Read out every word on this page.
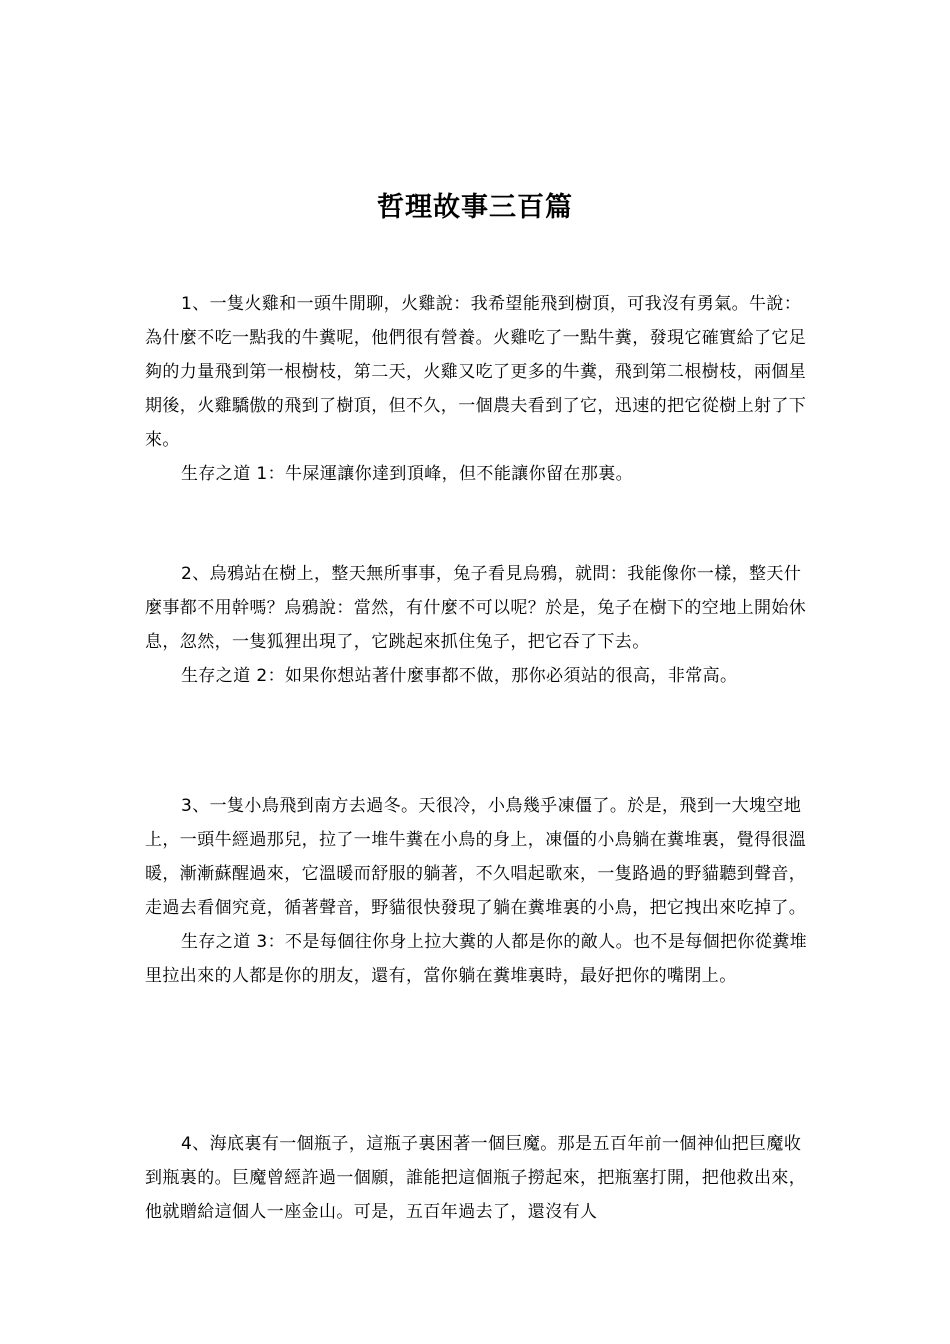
哲理故事三百篇

1、一隻火雞和一頭牛閒聊，火雞說：我希望能飛到樹頂，可我沒有勇氣。牛說：為什麼不吃一點我的牛糞呢，他們很有營養。火雞吃了一點牛糞，發現它確實給了它足夠的力量飛到第一根樹枝，第二天，火雞又吃了更多的牛糞，飛到第二根樹枝，兩個星期後，火雞驕傲的飛到了樹頂，但不久，一個農夫看到了它，迅速的把它從樹上射了下來。

生存之道 1：牛屎運讓你達到頂峰，但不能讓你留在那裏。

2、烏鴉站在樹上，整天無所事事，兔子看見烏鴉，就問：我能像你一樣，整天什麼事都不用幹嗎？烏鴉說：當然，有什麼不可以呢？於是，兔子在樹下的空地上開始休息，忽然，一隻狐狸出現了，它跳起來抓住兔子，把它吞了下去。

生存之道 2：如果你想站著什麼事都不做，那你必須站的很高，非常高。

3、一隻小鳥飛到南方去過冬。天很冷，小鳥幾乎凍僵了。於是，飛到一大塊空地上，一頭牛經過那兒，拉了一堆牛糞在小鳥的身上，凍僵的小鳥躺在糞堆裏，覺得很溫暖，漸漸蘇醒過來，它溫暖而舒服的躺著，不久唱起歌來，一隻路過的野貓聽到聲音，走過去看個究竟，循著聲音，野貓很快發現了躺在糞堆裏的小鳥，把它拽出來吃掉了。

生存之道 3：不是每個往你身上拉大糞的人都是你的敵人。也不是每個把你從糞堆里拉出來的人都是你的朋友，還有，當你躺在糞堆裏時，最好把你的嘴閉上。

4、海底裏有一個瓶子，這瓶子裏困著一個巨魔。那是五百年前一個神仙把巨魔收到瓶裏的。巨魔曾經許過一個願，誰能把這個瓶子撈起來，把瓶塞打開，把他救出來，他就贈給這個人一座金山。可是，五百年過去了，還沒有人
